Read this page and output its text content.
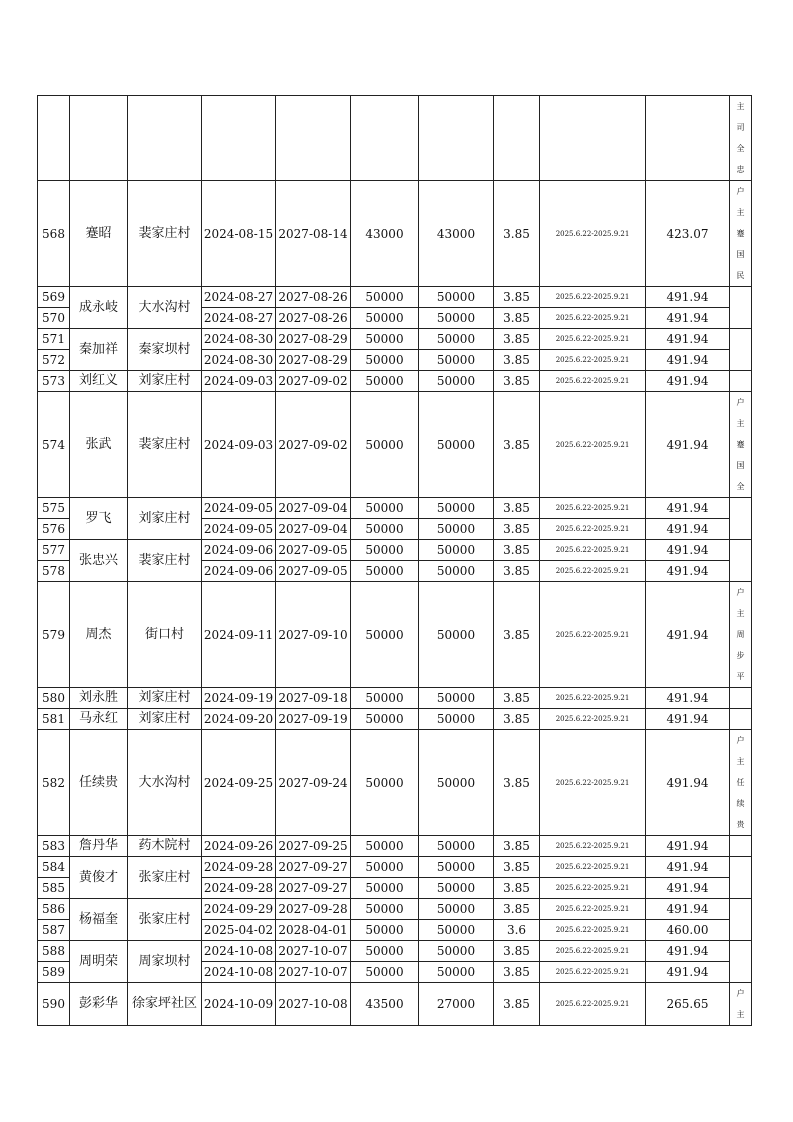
										主司全忠
568	蹇昭	裴家庄村	2024-08-15	2027-08-14	43000	43000	3.85	2025.6.22-2025.9.21	423.07	户主蹇国民
569	成永岐	大水沟村	2024-08-27	2027-08-26	50000	50000	3.85	2025.6.22-2025.9.21	491.94	
570			2024-08-27	2027-08-26	50000	50000	3.85	2025.6.22-2025.9.21	491.94	
571	秦加祥	秦家坝村	2024-08-30	2027-08-29	50000	50000	3.85	2025.6.22-2025.9.21	491.94	
572			2024-08-30	2027-08-29	50000	50000	3.85	2025.6.22-2025.9.21	491.94	
573	刘红义	刘家庄村	2024-09-03	2027-09-02	50000	50000	3.85	2025.6.22-2025.9.21	491.94	
574	张武	裴家庄村	2024-09-03	2027-09-02	50000	50000	3.85	2025.6.22-2025.9.21	491.94	户主蹇国全
575	罗飞	刘家庄村	2024-09-05	2027-09-04	50000	50000	3.85	2025.6.22-2025.9.21	491.94	
576			2024-09-05	2027-09-04	50000	50000	3.85	2025.6.22-2025.9.21	491.94	
577	张忠兴	裴家庄村	2024-09-06	2027-09-05	50000	50000	3.85	2025.6.22-2025.9.21	491.94	
578			2024-09-06	2027-09-05	50000	50000	3.85	2025.6.22-2025.9.21	491.94	
579	周杰	街口村	2024-09-11	2027-09-10	50000	50000	3.85	2025.6.22-2025.9.21	491.94	户主周步平
580	刘永胜	刘家庄村	2024-09-19	2027-09-18	50000	50000	3.85	2025.6.22-2025.9.21	491.94	
581	马永红	刘家庄村	2024-09-20	2027-09-19	50000	50000	3.85	2025.6.22-2025.9.21	491.94	
582	任续贵	大水沟村	2024-09-25	2027-09-24	50000	50000	3.85	2025.6.22-2025.9.21	491.94	户主任续贵
583	詹丹华	药木院村	2024-09-26	2027-09-25	50000	50000	3.85	2025.6.22-2025.9.21	491.94	
584	黄俊才	张家庄村	2024-09-28	2027-09-27	50000	50000	3.85	2025.6.22-2025.9.21	491.94	
585			2024-09-28	2027-09-27	50000	50000	3.85	2025.6.22-2025.9.21	491.94	
586	杨福奎	张家庄村	2024-09-29	2027-09-28	50000	50000	3.85	2025.6.22-2025.9.21	491.94	
587			2025-04-02	2028-04-01	50000	50000	3.6	2025.6.22-2025.9.21	460.00	
588	周明荣	周家坝村	2024-10-08	2027-10-07	50000	50000	3.85	2025.6.22-2025.9.21	491.94	
589			2024-10-08	2027-10-07	50000	50000	3.85	2025.6.22-2025.9.21	491.94	
590	彭彩华	徐家坪社区	2024-10-09	2027-10-08	43500	27000	3.85	2025.6.22-2025.9.21	265.65	户主
